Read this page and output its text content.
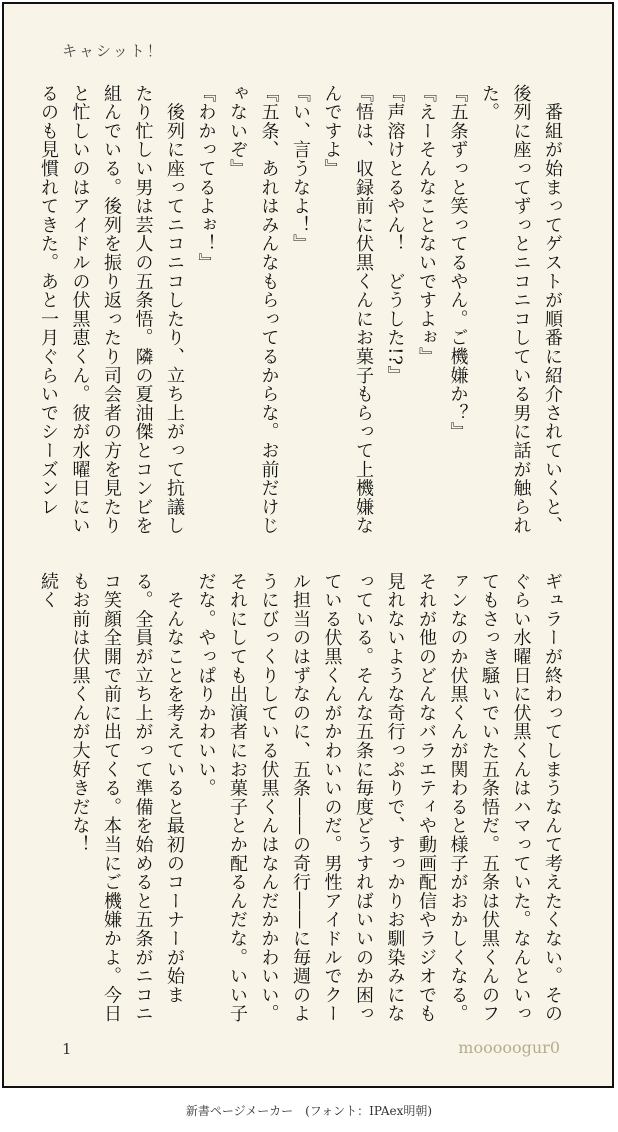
キャシット！

　番組が始まってゲストが順番に紹介されていくと、後列に座ってずっとニコニコしている男に話が触られた。

『五条ずっと笑ってるやん。ご機嫌か？』

『えーそんなことないですよぉ』

『声溶けとるやん！　どうした!?』

『悟は、収録前に伏黒くんにお菓子もらって上機嫌なんですよ』

『い、言うなよ！』

『五条、あれはみんなもらってるからな。お前だけじゃないぞ』

『わかってるよぉ！』

　後列に座ってニコニコしたり、立ち上がって抗議したり忙しい男は芸人の五条悟。隣の夏油傑とコンビを組んでいる。後列を振り返ったり司会者の方を見たりと忙しいのはアイドルの伏黒恵くん。彼が水曜日にいるのも見慣れてきた。あと一月ぐらいでシーズンレ

ギュラーが終わってしまうなんて考えたくない。そのぐらい水曜日に伏黒くんはハマっていた。なんといってもさっき騒いでいた五条悟だ。五条は伏黒くんのファンなのか伏黒くんが関わると様子がおかしくなる。それが他のどんなバラエティや動画配信やラジオでも見れないような奇行っぷりで、すっかりお馴染みになっている。そんな五条に毎度どうすればいいのか困っている伏黒くんがかわいいのだ。男性アイドルでクール担当のはずなのに、五条――の奇行――に毎週のようにびっくりしている伏黒くんはなんだかかわいい。それにしても出演者にお菓子とか配るんだな。いい子だな。やっぱりかわいい。

　そんなことを考えていると最初のコーナーが始まる。全員が立ち上がって準備を始めると五条がニコニコ笑顔全開で前に出てくる。本当にご機嫌かよ。今日もお前は伏黒くんが大好きだな！

続く

1	mooooogur0
新書ページメーカー　(フォント：IPAex明朝)
